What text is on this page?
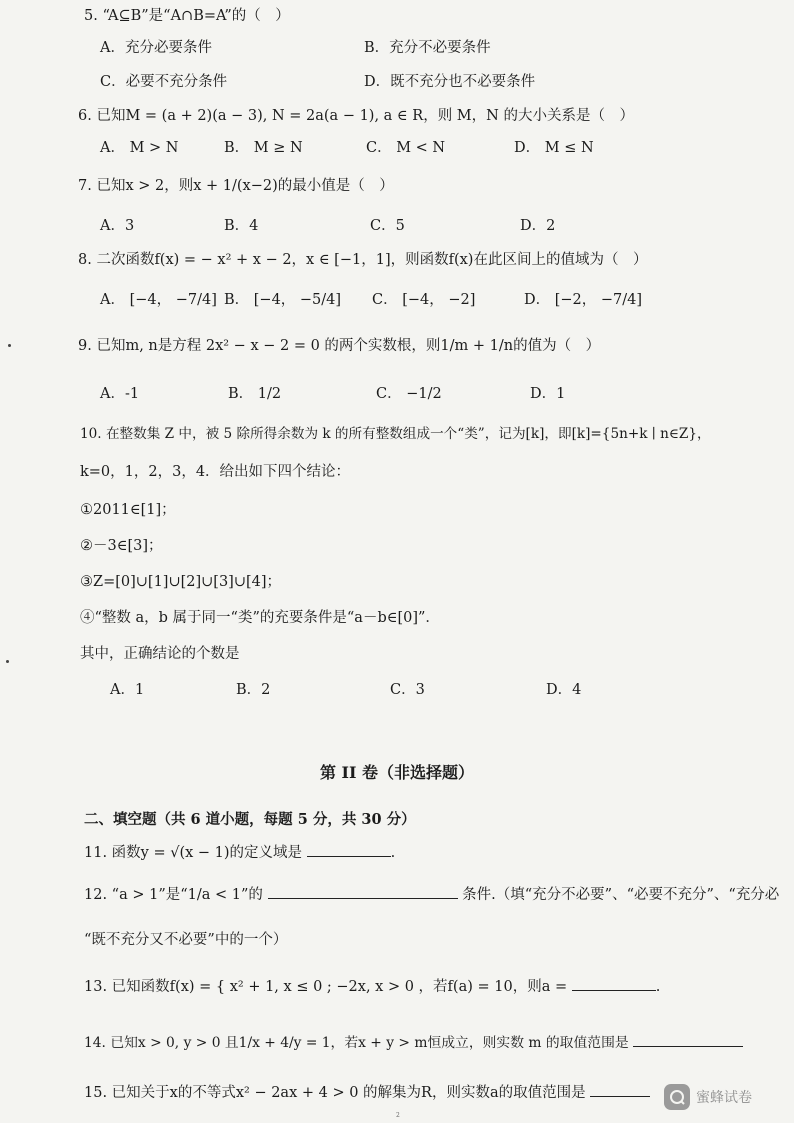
5. “A⊆B”是“A∩B=A”的（　）
A．充分必要条件	B．充分不必要条件
C．必要不充分条件	D．既不充分也不必要条件
6. 已知M = (a + 2)(a − 3), N = 2a(a − 1), a ∈ R，则 M，N 的大小关系是（　）
A． M > N	B． M ≥ N	C． M < N	D． M ≤ N
7. 已知x > 2，则x + 1/(x−2)的最小值是（　）
A．3	B．4	C．5	D．2
8. 二次函数f(x) = − x² + x − 2，x ∈ [−1，1]，则函数f(x)在此区间上的值域为（　）
A． [−4， −7/4] B． [−4， −5/4] C． [−4， −2]	D． [−2， −7/4]
9. 已知m, n是方程 2x² − x − 2 = 0 的两个实数根，则1/m + 1/n的值为（　）
A．-1	B． 1/2	C． −1/2	D．1
10. 在整数集 Z 中，被 5 除所得余数为 k 的所有整数组成一个“类”，记为[k]，即[k]={5n+k ∣ n∈Z}，
k=0，1，2，3，4．给出如下四个结论：
①2011∈[1]；
②－3∈[3]；
③Z=[0]∪[1]∪[2]∪[3]∪[4]；
④“整数 a，b 属于同一“类”的充要条件是“a－b∈[0]”．
其中，正确结论的个数是
A．1	B．2	C．3	D．4
第 II 卷（非选择题）
二、填空题（共 6 道小题，每题 5 分，共 30 分）
11. 函数y = √(x − 1)的定义域是	.
12. “a > 1”是“1/a < 1”的	条件.（填“充分不必要”、“必要不充分”、“充分必
“既不充分又不必要”中的一个）
13. 已知函数f(x) = { x² + 1, x ≤ 0 ; −2x, x > 0 ，若f(a) = 10，则a =	.
14. 已知x > 0, y > 0 且1/x + 4/y = 1，若x + y > m恒成立，则实数 m 的取值范围是
15. 已知关于x的不等式x² − 2ax + 4 > 0 的解集为R，则实数a的取值范围是	蜜蜂试卷
2
